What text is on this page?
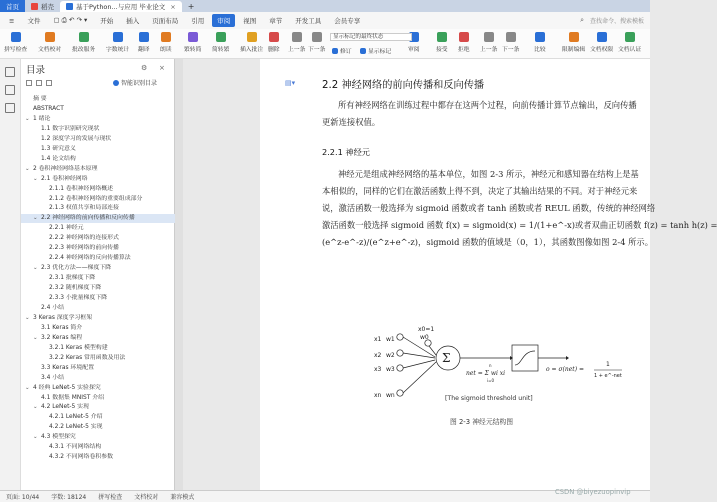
首页	稻壳	基于Python...与应用 毕业论文 × +
≡	文件	▢ ⎙ ↶ ↷ ▾	开始	插入	页面布局	引用	审阅	视图	章节	开发工具	会员专享	⌕ 查找命令、搜索模板
拼写检查 文档校对 批改服务 字数统计 翻译 朗读 繁转简 简转繁 插入批注 删除 上一条 下一条	修订	显示标记	审阅	接受 拒绝 上一条 下一条	比较	限制编辑 文档权限 文档认证
显示标记的最终状态
目录	⚙ ×
智能识别目录
摘 要
ABSTRACT
⌄ 1 绪论
1.1 数字识别研究现状
1.2 深度学习的发展与现状
1.3 研究意义
1.4 论文结构
⌄ 2 卷积神经网络基本原理
⌄ 2.1 卷积神经网络
2.1.1 卷积神经网络概述
2.1.2 卷积神经网络的重要组成部分
2.1.3 权值共享和局部连接
⌄ 2.2 神经网络的前向传播和反向传播
2.2.1 神经元
2.2.2 神经网络的连接形式
2.2.3 神经网络的前向传播
2.2.4 神经网络的反向传播算法
⌄ 2.3 优化方法——梯度下降
2.3.1 批梯度下降
2.3.2 随机梯度下降
2.3.3 小批量梯度下降
2.4 小结
⌄ 3 Keras 深度学习框架
3.1 Keras 简介
⌄ 3.2 Keras 编程
3.2.1 Keras 模型构建
3.2.2 Keras 常用函数及用法
3.3 Keras 环境配置
3.4 小结
⌄ 4 经典 LeNet-5 实验探究
4.1 数据集 MNIST 介绍
⌄ 4.2 LeNet-5 实现
4.2.1 LeNet-5 介绍
4.2.2 LeNet-5 实现
⌄ 4.3 模型探究
4.3.1 不同网络结构
4.3.2 不同网络卷积参数
▤▾	2.2 神经网络的前向传播和反向传播
所有神经网络在训练过程中都存在这两个过程，向前传播计算节点输出，反向传播
更新连接权值。
2.2.1 神经元
神经元是组成神经网络的基本单位，如图 2-3 所示，神经元和感知器在结构上是基
本相似的，同样的它们在激活函数上得不到，决定了其输出结果的不同。对于神经元来
说，激活函数一般选择为 sigmoid 函数或者 tanh 函数或者 REUL 函数，传统的神经网络
激活函数一般选择 sigmoid 函数 f(x) = sigmoid(x) = 1/(1+e^-x)或者双曲正切函数 f(z) = tanh h(z) =
(e^z-e^-z)/(e^z+e^-z)，sigmoid 函数的值域是（0，1），其函数图像如图 2-4 所示。
x1
x2
x3
xn
w1
w2
w3
wn
x0=1
w0
Σ
net = Σ wi xi
i=0
n
o = σ(net) =
1
1 + e^-net
[The sigmoid threshold unit]
图 2-3 神经元结构图
页面: 10/44 字数: 18124 拼写检查 文档校对 兼容模式
CSDN @biyezuopinvip
